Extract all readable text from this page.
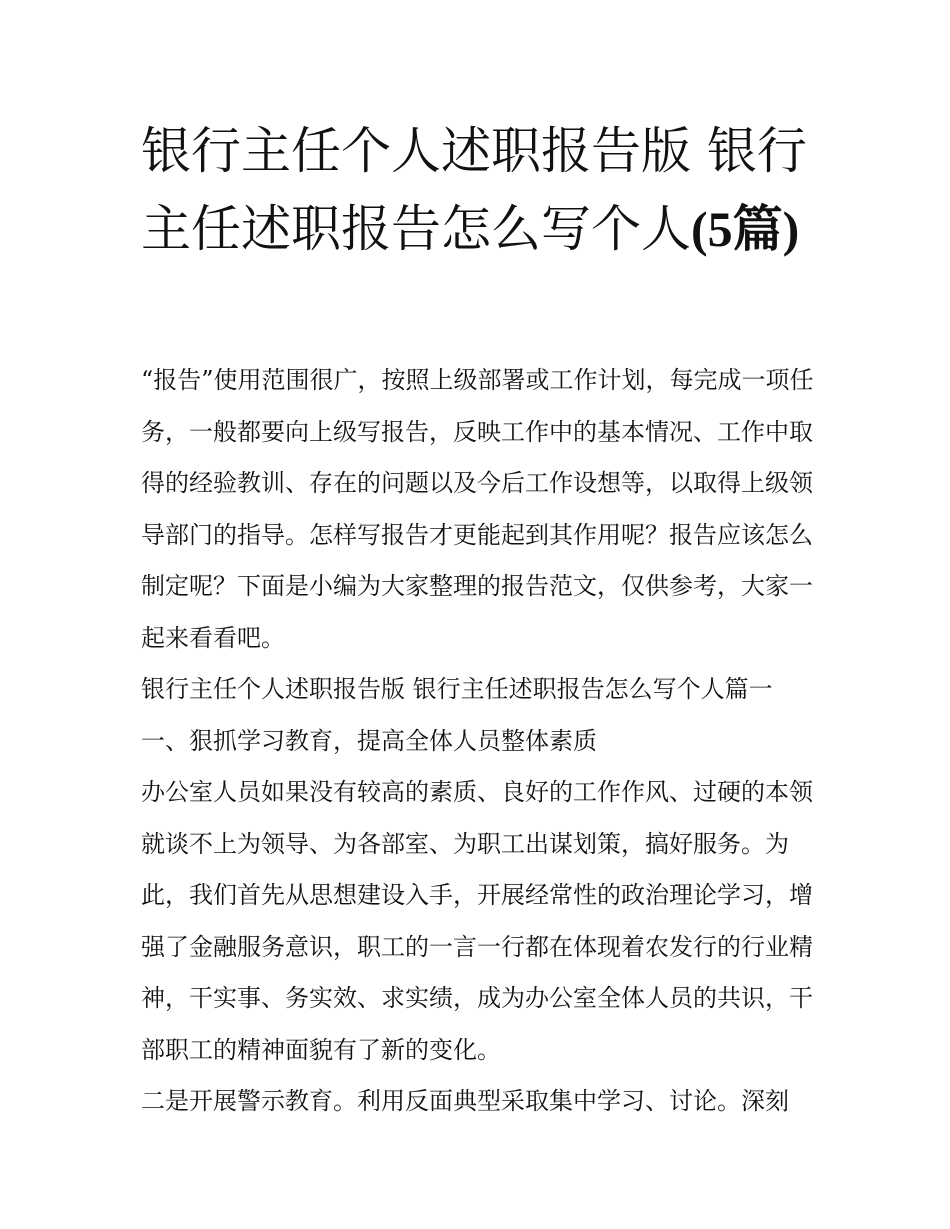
银行主任个人述职报告版 银行主任述职报告怎么写个人(5篇)

“报告”使用范围很广，按照上级部署或工作计划，每完成一项任务，一般都要向上级写报告，反映工作中的基本情况、工作中取得的经验教训、存在的问题以及今后工作设想等，以取得上级领导部门的指导。怎样写报告才更能起到其作用呢？报告应该怎么制定呢？下面是小编为大家整理的报告范文，仅供参考，大家一起来看看吧。

银行主任个人述职报告版 银行主任述职报告怎么写个人篇一

一、狠抓学习教育，提高全体人员整体素质

办公室人员如果没有较高的素质、良好的工作作风、过硬的本领就谈不上为领导、为各部室、为职工出谋划策，搞好服务。为此，我们首先从思想建设入手，开展经常性的政治理论学习，增强了金融服务意识，职工的一言一行都在体现着农发行的行业精神，干实事、务实效、求实绩，成为办公室全体人员的共识，干部职工的精神面貌有了新的变化。

二是开展警示教育。利用反面典型采取集中学习、讨论。深刻
